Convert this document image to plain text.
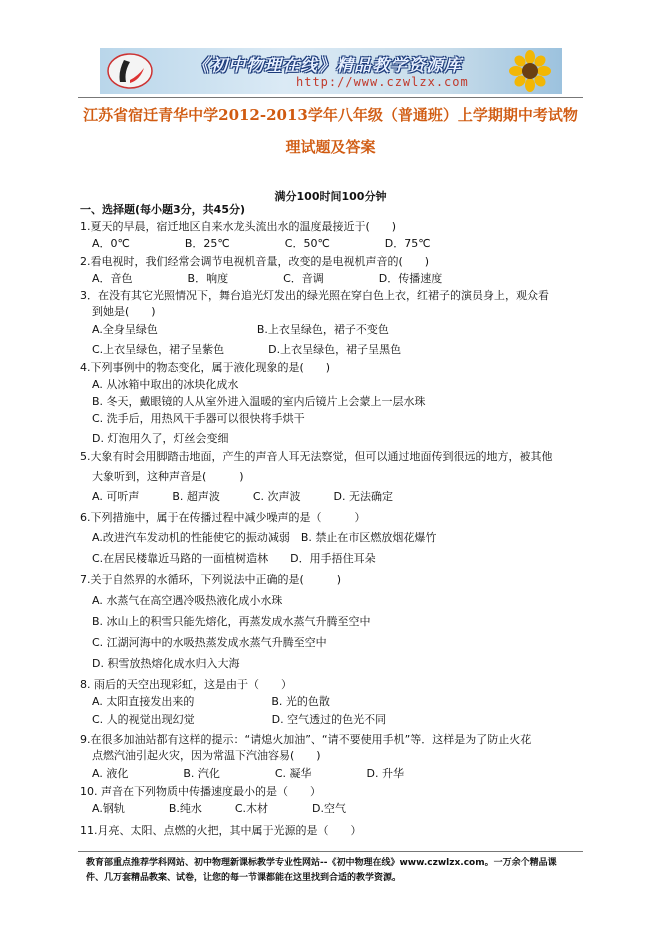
《初中物理在线》精品教学资源库
http://www.czwlzx.com
江苏省宿迁青华中学2012-2013学年八年级（普通班）上学期期中考试物
理试题及答案
满分100时间100分钟
一、选择题(每小题3分，共45分)
1.夏天的早晨，宿迁地区自来水龙头流出水的温度最接近于(　　)
A．0℃　　　　　B．25℃　　　　　C．50℃　　　　　D．75℃
2.看电视时，我们经常会调节电视机音量，改变的是电视机声音的(　　)
A．音色　　　　　B．响度　　　　　C．音调　　　　　D．传播速度
3．在没有其它光照情况下，舞台追光灯发出的绿光照在穿白色上衣，红裙子的演员身上，观众看
到她是(　　)
A.全身呈绿色　　　　　　　　　B.上衣呈绿色，裙子不变色
C.上衣呈绿色，裙子呈紫色　　　　D.上衣呈绿色，裙子呈黑色
4.下列事例中的物态变化，属于液化现象的是(　　)
A. 从冰箱中取出的冰块化成水
B. 冬天，戴眼镜的人从室外进入温暖的室内后镜片上会蒙上一层水珠
C. 洗手后，用热风干手器可以很快将手烘干
D. 灯泡用久了，灯丝会变细
5.大象有时会用脚踏击地面，产生的声音人耳无法察觉，但可以通过地面传到很远的地方，被其他
大象听到，这种声音是(　　　)
A. 可听声　　　B. 超声波　　　C. 次声波　　　D. 无法确定
6.下列措施中，属于在传播过程中减少噪声的是（　　　）
A.改进汽车发动机的性能使它的振动减弱　B. 禁止在市区燃放烟花爆竹
C.在居民楼靠近马路的一面植树造林　　D．用手捂住耳朵
7.关于自然界的水循环，下列说法中正确的是(　　　)
A. 水蒸气在高空遇冷吸热液化成小水珠
B. 冰山上的积雪只能先熔化，再蒸发成水蒸气升腾至空中
C. 江湖河海中的水吸热蒸发成水蒸气升腾至空中
D. 积雪放热熔化成水归入大海
8. 雨后的天空出现彩虹，这是由于（　　）
A. 太阳直接发出来的　　　　　　　B. 光的色散
C. 人的视觉出现幻觉　　　　　　　D. 空气透过的色光不同
9.在很多加油站都有这样的提示：“请熄火加油”、“请不要使用手机”等．这样是为了防止火花
点燃汽油引起火灾，因为常温下汽油容易(　　)
A. 液化　　　　　B. 汽化　　　　　C. 凝华　　　　　D. 升华
10. 声音在下列物质中传播速度最小的是（　　）
A.钢轨　　　　B.纯水　　　C.木材　　　　D.空气
11.月亮、太阳、点燃的火把，其中属于光源的是（　　）
教育部重点推荐学科网站、初中物理新课标教学专业性网站--《初中物理在线》www.czwlzx.com。一万余个精品课
件、几万套精品教案、试卷，让您的每一节课都能在这里找到合适的教学资源。
